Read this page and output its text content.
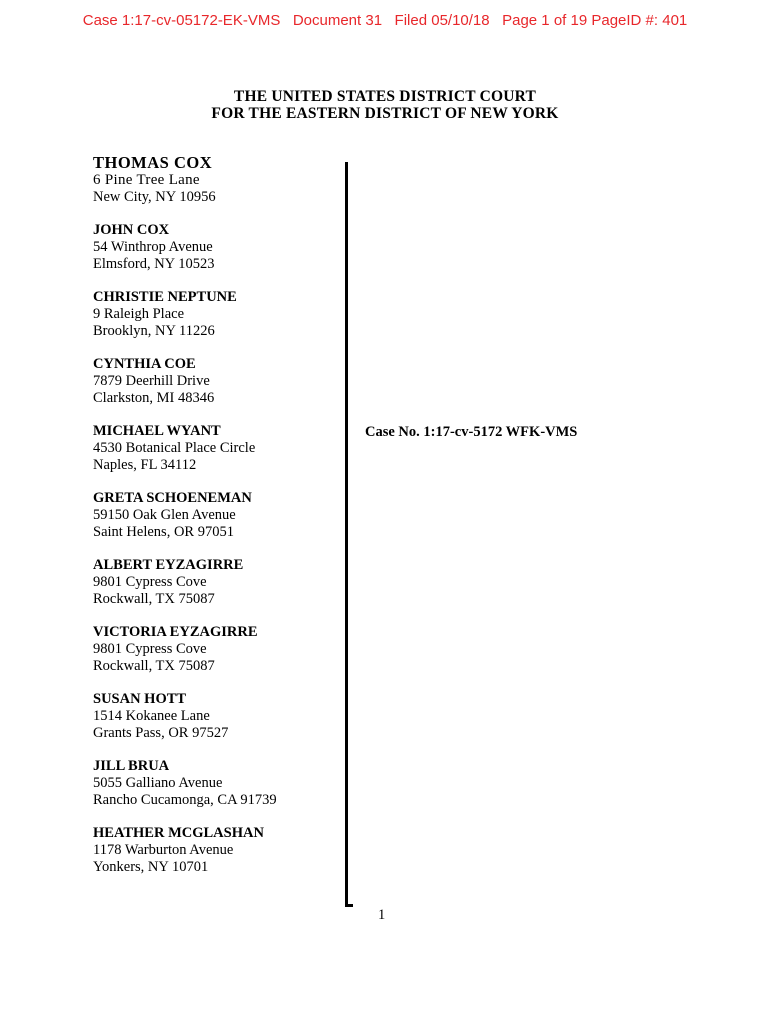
Case 1:17-cv-05172-EK-VMS   Document 31   Filed 05/10/18   Page 1 of 19 PageID #: 401
THE UNITED STATES DISTRICT COURT
FOR THE EASTERN DISTRICT OF NEW YORK
THOMAS COX
6 Pine Tree Lane
New City, NY 10956
JOHN COX
54 Winthrop Avenue
Elmsford, NY 10523
CHRISTIE NEPTUNE
9 Raleigh Place
Brooklyn, NY 11226
CYNTHIA COE
7879 Deerhill Drive
Clarkston, MI 48346
MICHAEL WYANT
4530 Botanical Place Circle
Naples, FL 34112
GRETA SCHOENEMAN
59150 Oak Glen Avenue
Saint Helens, OR 97051
ALBERT EYZAGIRRE
9801 Cypress Cove
Rockwall, TX 75087
VICTORIA EYZAGIRRE
9801 Cypress Cove
Rockwall, TX 75087
SUSAN HOTT
1514 Kokanee Lane
Grants Pass, OR 97527
JILL BRUA
5055 Galliano Avenue
Rancho Cucamonga, CA 91739
HEATHER MCGLASHAN
1178 Warburton Avenue
Yonkers, NY 10701
Case No. 1:17-cv-5172 WFK-VMS
1
